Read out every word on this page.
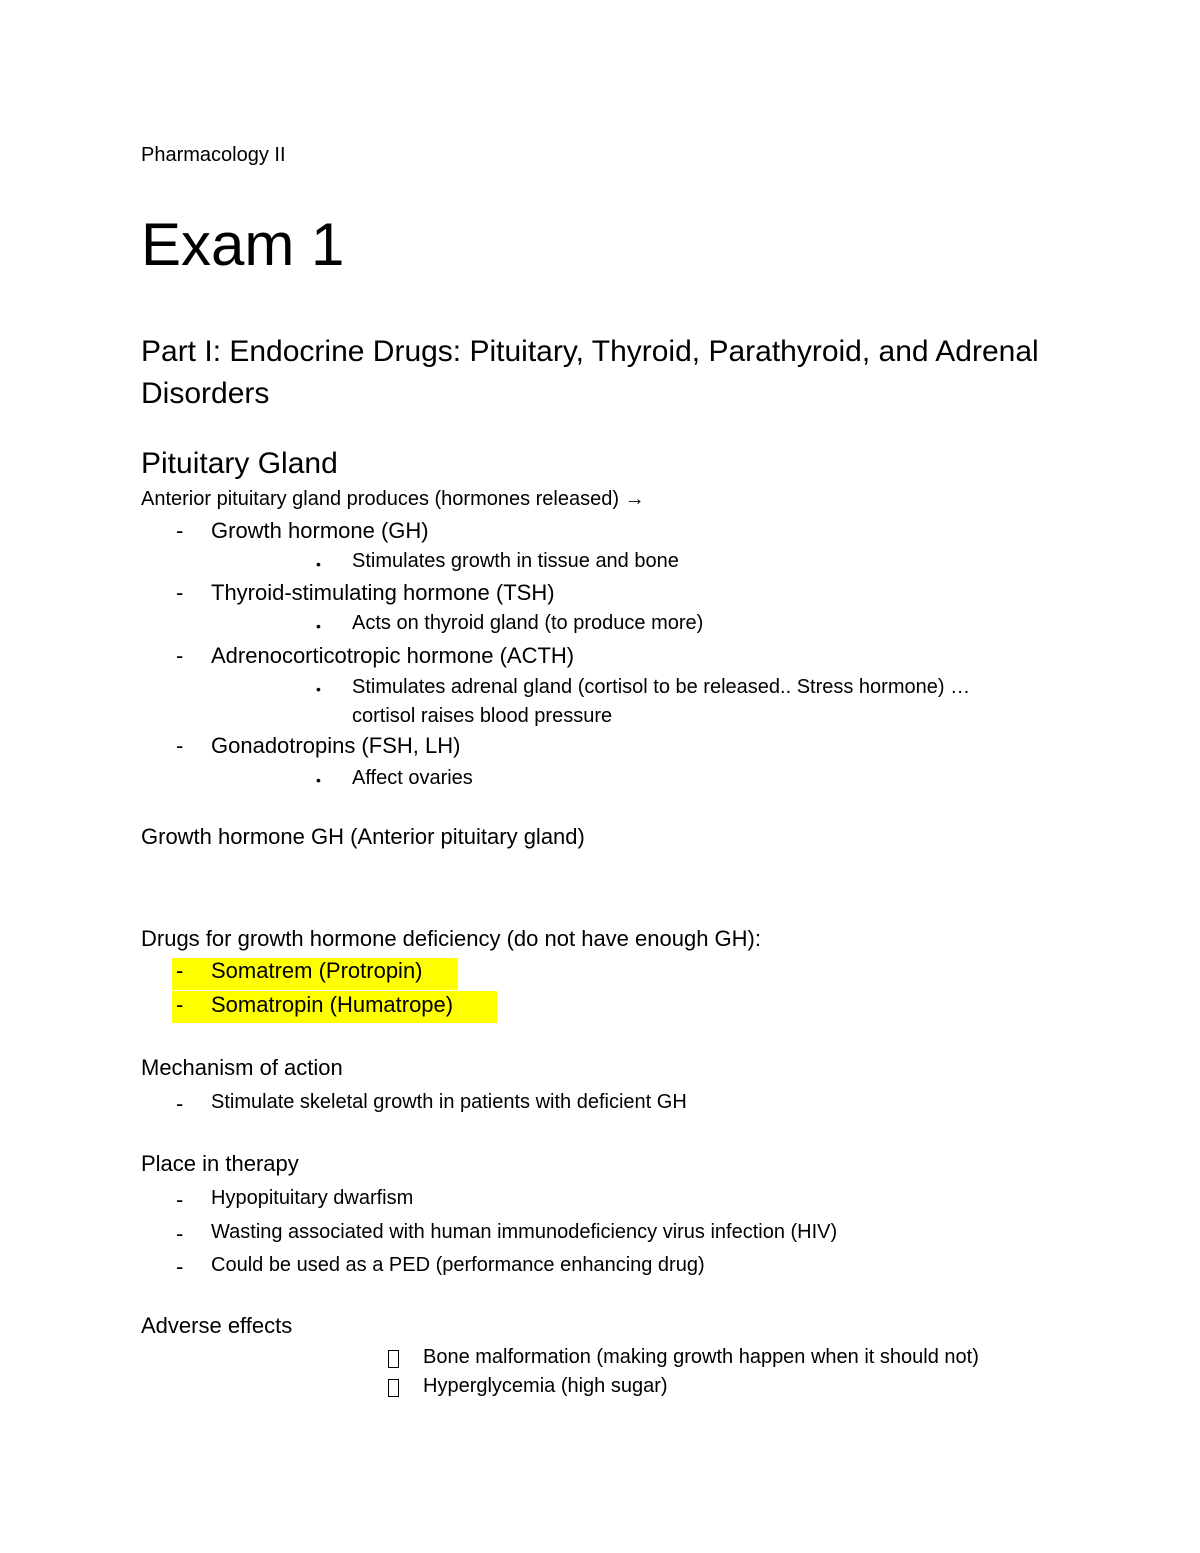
Pharmacology II
Exam 1
Part I: Endocrine Drugs: Pituitary, Thyroid, Parathyroid, and Adrenal Disorders
Pituitary Gland
Anterior pituitary gland produces (hormones released) →
- Growth hormone (GH)
• Stimulates growth in tissue and bone
- Thyroid-stimulating hormone (TSH)
• Acts on thyroid gland (to produce more)
- Adrenocorticotropic hormone (ACTH)
• Stimulates adrenal gland (cortisol to be released.. Stress hormone) … cortisol raises blood pressure
- Gonadotropins (FSH, LH)
• Affect ovaries
Growth hormone GH (Anterior pituitary gland)
Drugs for growth hormone deficiency (do not have enough GH):
- Somatrem (Protropin)
- Somatropin (Humatrope)
Mechanism of action
- Stimulate skeletal growth in patients with deficient GH
Place in therapy
- Hypopituitary dwarfism
- Wasting associated with human immunodeficiency virus infection (HIV)
- Could be used as a PED (performance enhancing drug)
Adverse effects
Bone malformation (making growth happen when it should not)
Hyperglycemia (high sugar)
